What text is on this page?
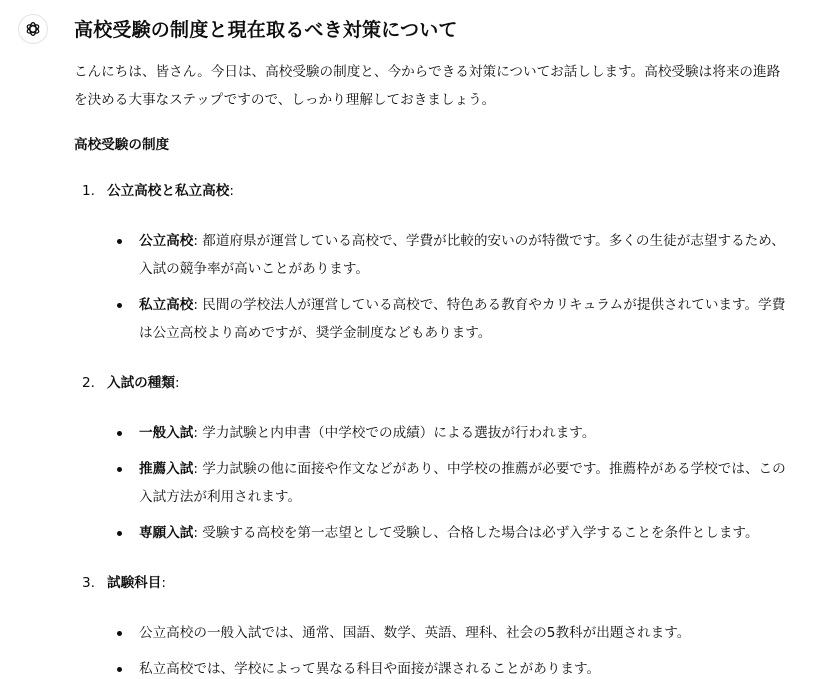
高校受験の制度と現在取るべき対策について

こんにちは、皆さん。今日は、高校受験の制度と、今からできる対策についてお話しします。高校受験は将来の進路を決める大事なステップですので、しっかり理解しておきましょう。

高校受験の制度
1. 公立高校と私立高校:
公立高校: 都道府県が運営している高校で、学費が比較的安いのが特徴です。多くの生徒が志望するため、入試の競争率が高いことがあります。
私立高校: 民間の学校法人が運営している高校で、特色ある教育やカリキュラムが提供されています。学費は公立高校より高めですが、奨学金制度などもあります。
2. 入試の種類:
一般入試: 学力試験と内申書（中学校での成績）による選抜が行われます。
推薦入試: 学力試験の他に面接や作文などがあり、中学校の推薦が必要です。推薦枠がある学校では、この入試方法が利用されます。
専願入試: 受験する高校を第一志望として受験し、合格した場合は必ず入学することを条件とします。
3. 試験科目:
公立高校の一般入試では、通常、国語、数学、英語、理科、社会の5教科が出題されます。
私立高校では、学校によって異なる科目や面接が課されることがあります。
